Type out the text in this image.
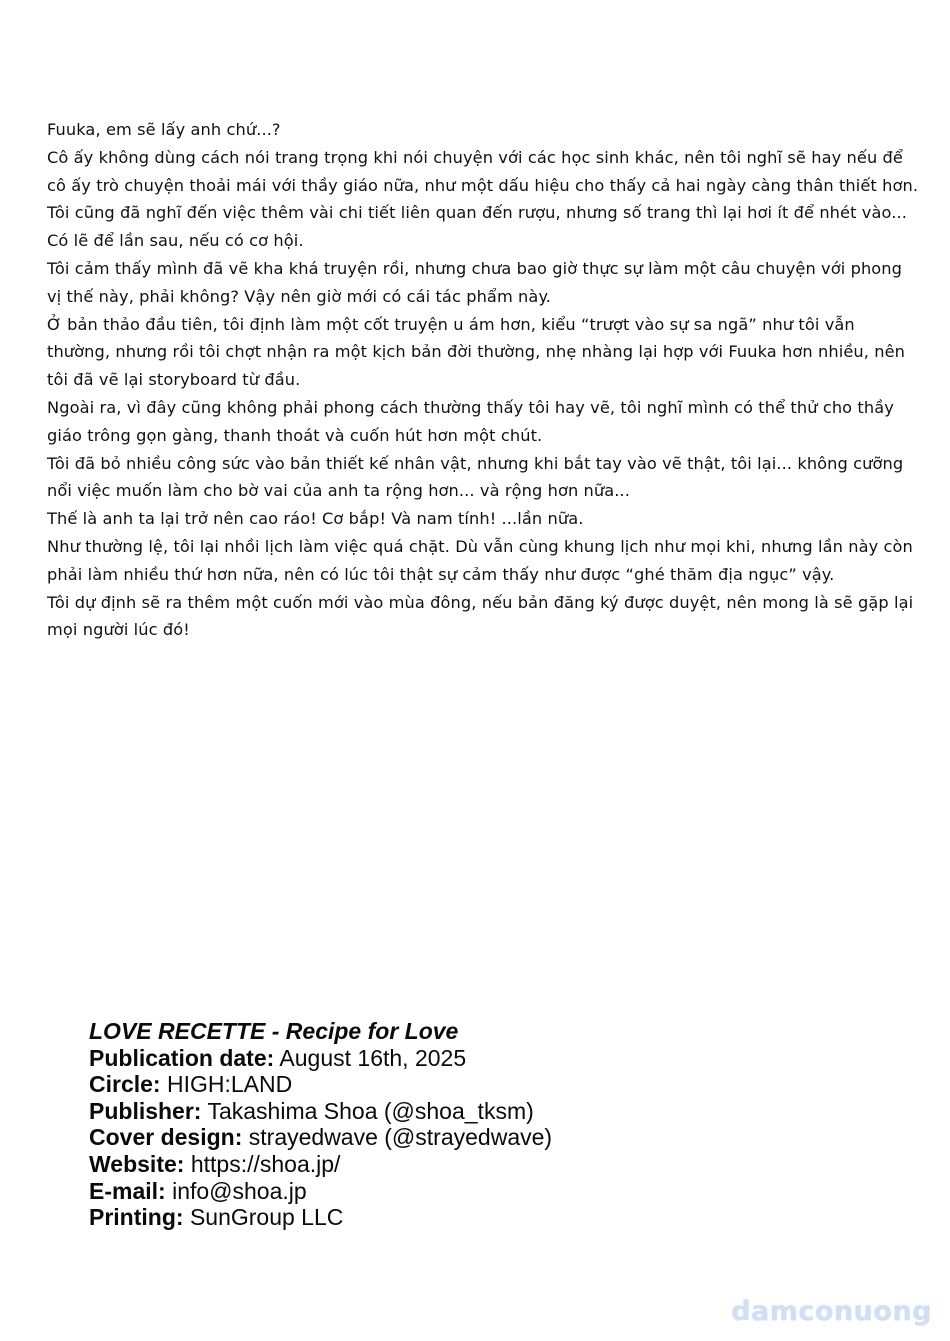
Fuuka, em sẽ lấy anh chứ...?

Cô ấy không dùng cách nói trang trọng khi nói chuyện với các học sinh khác, nên tôi nghĩ sẽ hay nếu để cô ấy trò chuyện thoải mái với thầy giáo nữa, như một dấu hiệu cho thấy cả hai ngày càng thân thiết hơn.

Tôi cũng đã nghĩ đến việc thêm vài chi tiết liên quan đến rượu, nhưng số trang thì lại hơi ít để nhét vào...

Có lẽ để lần sau, nếu có cơ hội.

Tôi cảm thấy mình đã vẽ kha khá truyện rồi, nhưng chưa bao giờ thực sự làm một câu chuyện với phong vị thế này, phải không? Vậy nên giờ mới có cái tác phẩm này.

Ở bản thảo đầu tiên, tôi định làm một cốt truyện u ám hơn, kiểu “trượt vào sự sa ngã” như tôi vẫn thường, nhưng rồi tôi chợt nhận ra một kịch bản đời thường, nhẹ nhàng lại hợp với Fuuka hơn nhiều, nên tôi đã vẽ lại storyboard từ đầu.

Ngoài ra, vì đây cũng không phải phong cách thường thấy tôi hay vẽ, tôi nghĩ mình có thể thử cho thầy giáo trông gọn gàng, thanh thoát và cuốn hút hơn một chút.

Tôi đã bỏ nhiều công sức vào bản thiết kế nhân vật, nhưng khi bắt tay vào vẽ thật, tôi lại... không cưỡng nổi việc muốn làm cho bờ vai của anh ta rộng hơn... và rộng hơn nữa...

Thế là anh ta lại trở nên cao ráo! Cơ bắp! Và nam tính! ...lần nữa.

Như thường lệ, tôi lại nhồi lịch làm việc quá chặt. Dù vẫn cùng khung lịch như mọi khi, nhưng lần này còn phải làm nhiều thứ hơn nữa, nên có lúc tôi thật sự cảm thấy như được “ghé thăm địa ngục” vậy.

Tôi dự định sẽ ra thêm một cuốn mới vào mùa đông, nếu bản đăng ký được duyệt, nên mong là sẽ gặp lại mọi người lúc đó!

LOVE RECETTE - Recipe for Love
Publication date: August 16th, 2025
Circle: HIGH:LAND
Publisher: Takashima Shoa (@shoa_tksm)
Cover design: strayedwave (@strayedwave)
Website: https://shoa.jp/
E-mail: info@shoa.jp
Printing: SunGroup LLC
damconuong
